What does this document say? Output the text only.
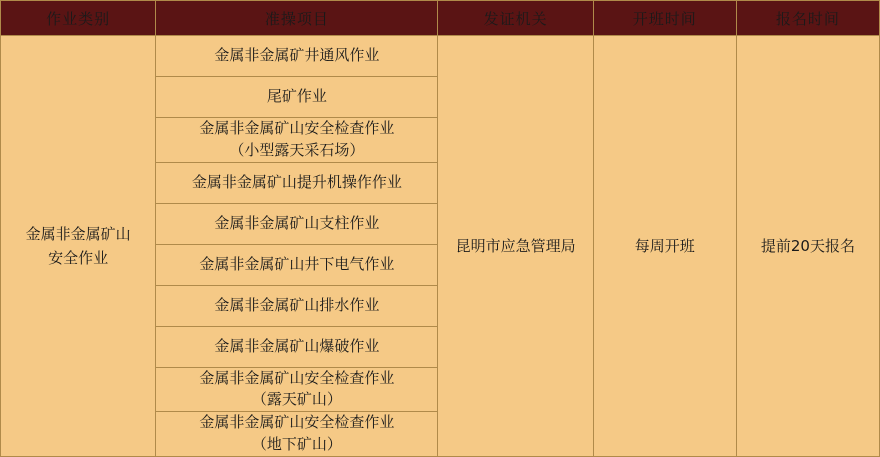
作业类别	准操项目	发证机关	开班时间	报名时间

金属非金属矿山
安全作业	金属非金属矿井通风作业	昆明市应急管理局	每周开班	提前20天报名

	尾矿作业			

	金属非金属矿山安全检查作业
（小型露天采石场）			

	金属非金属矿山提升机操作作业			

	金属非金属矿山支柱作业			

	金属非金属矿山井下电气作业			

	金属非金属矿山排水作业			

	金属非金属矿山爆破作业			

	金属非金属矿山安全检查作业
（露天矿山）			

	金属非金属矿山安全检查作业
（地下矿山）			
